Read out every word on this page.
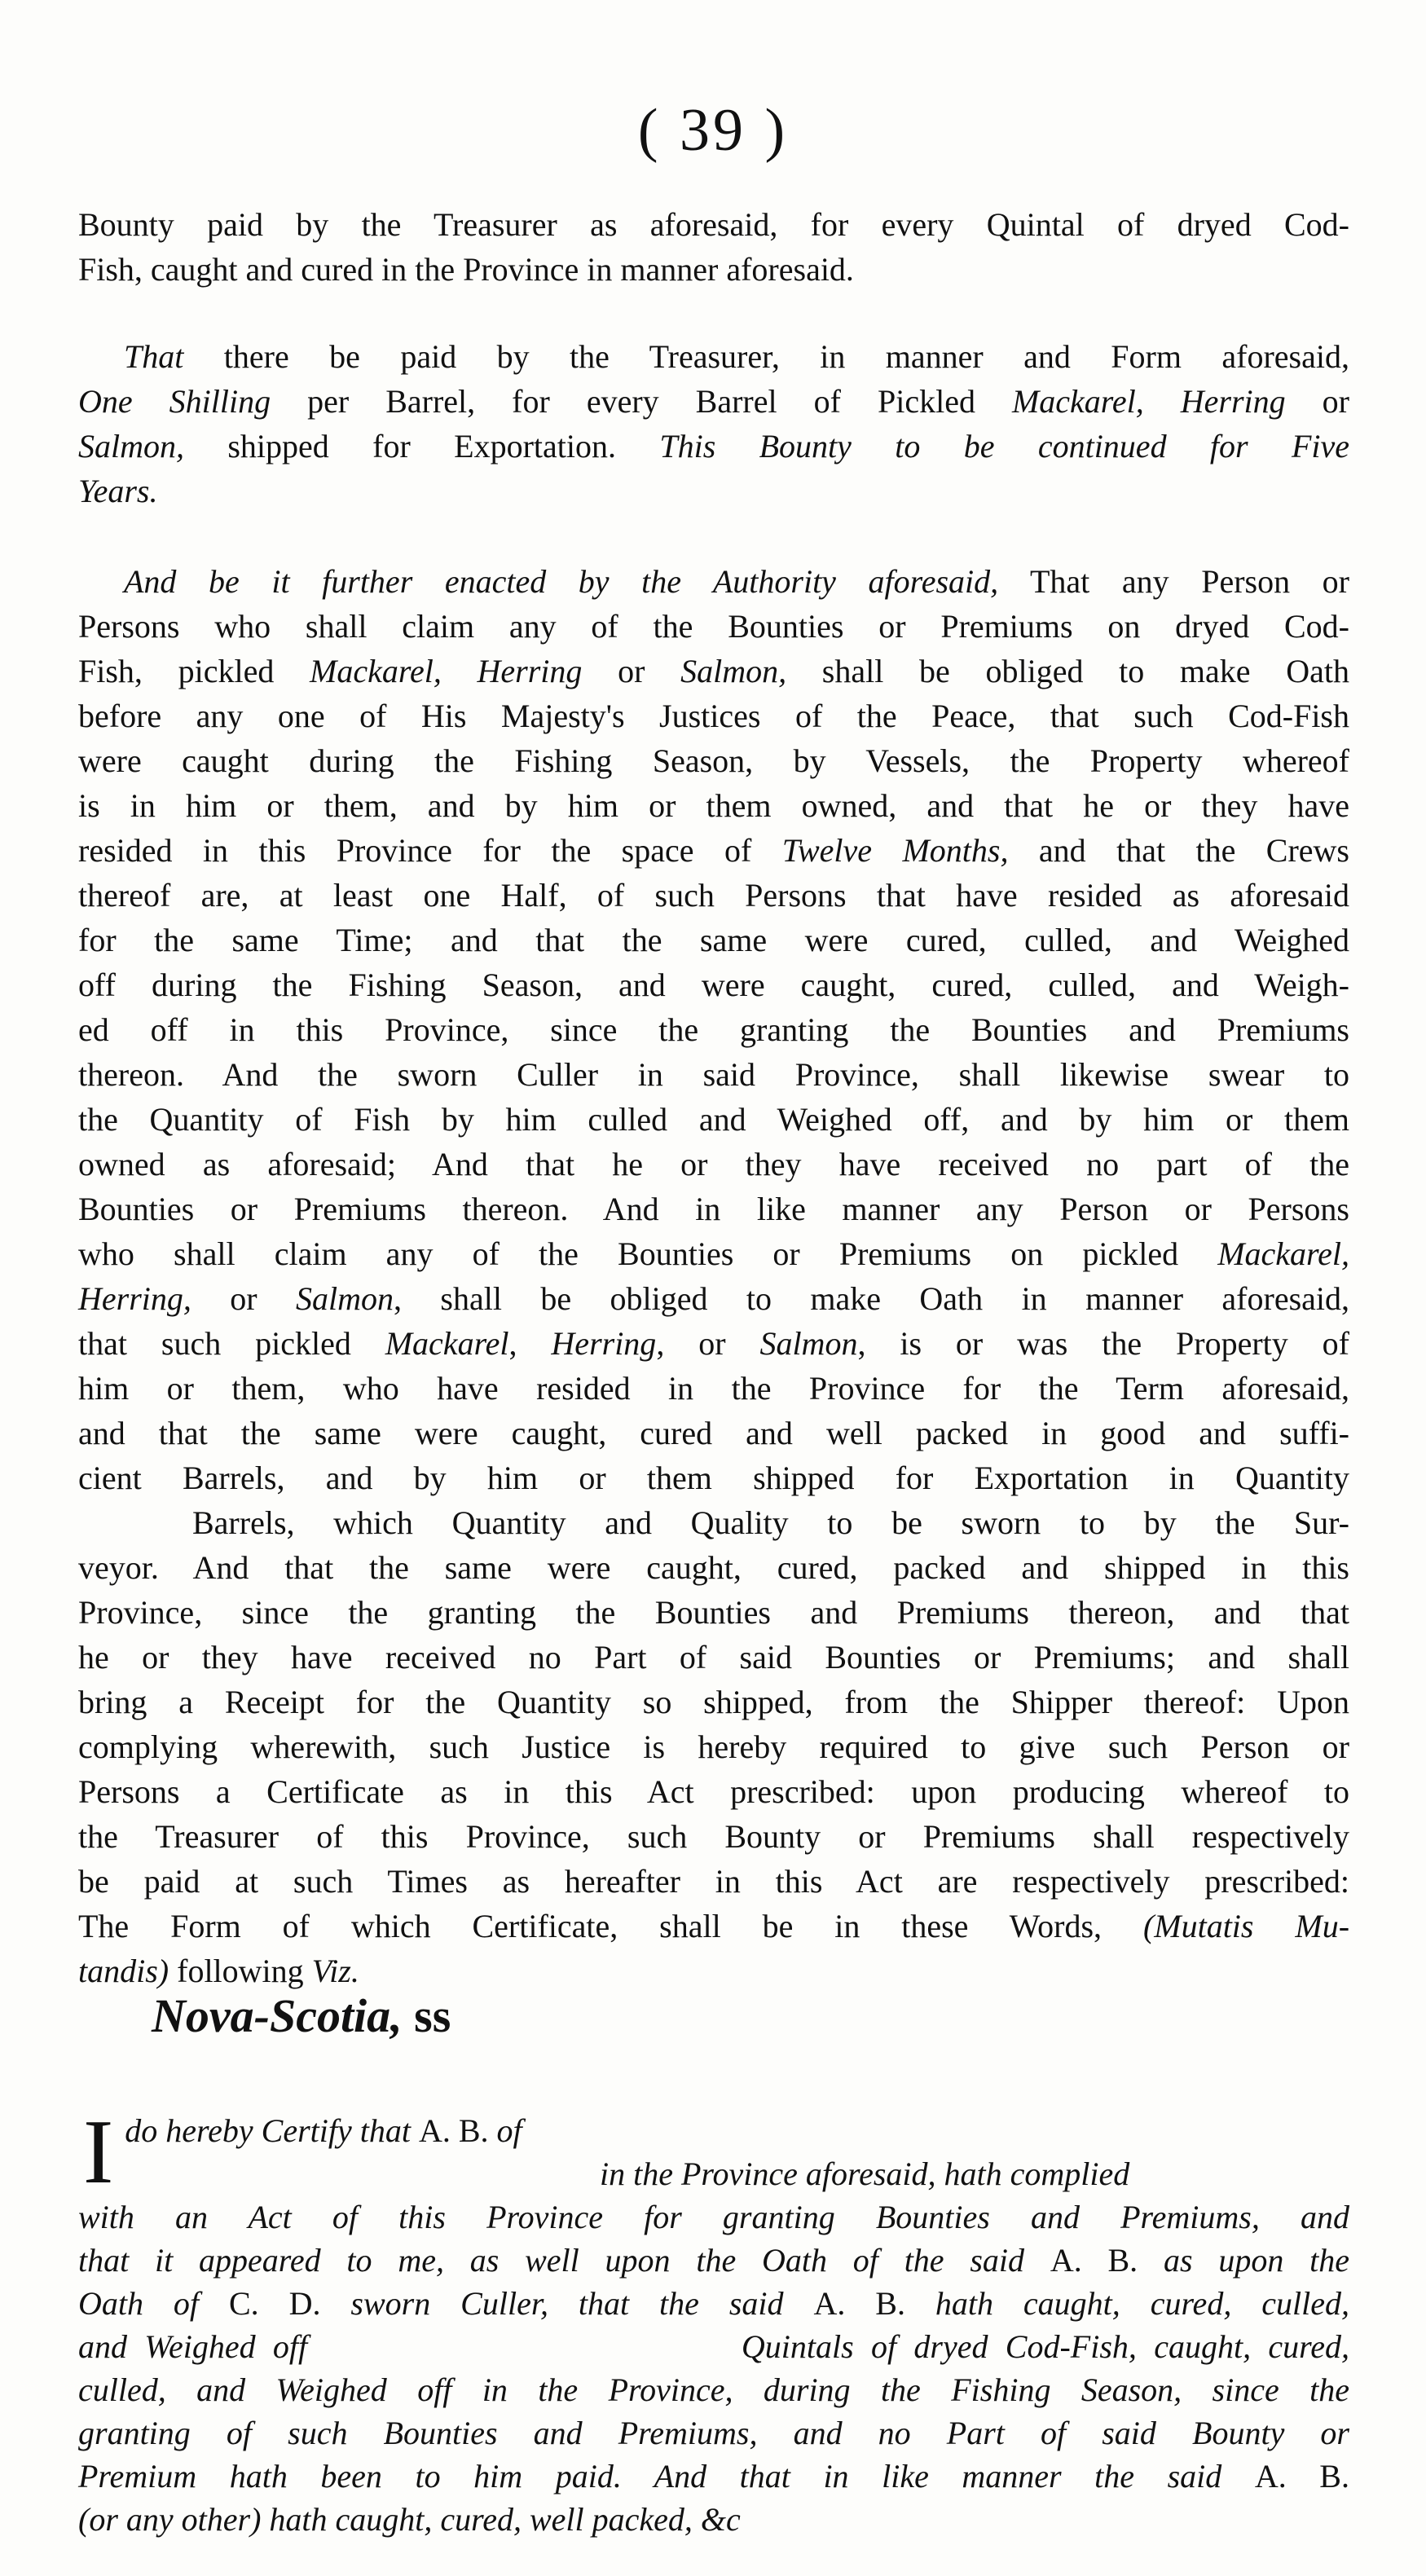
( 39 )
Bounty paid by the Treasurer as aforesaid, for every Quintal of dryed Cod-
Fish, caught and cured in the Province in manner aforesaid.
That there be paid by the Treasurer, in manner and Form aforesaid,
One Shilling per Barrel, for every Barrel of Pickled Mackarel, Herring or
Salmon, shipped for Exportation. This Bounty to be continued for Five
Years.
And be it further enacted by the Authority aforesaid, That any Person or
Persons who shall claim any of the Bounties or Premiums on dryed Cod-
Fish, pickled Mackarel, Herring or Salmon, shall be obliged to make Oath
before any one of His Majesty's Justices of the Peace, that such Cod-Fish
were caught during the Fishing Season, by Vessels, the Property whereof
is in him or them, and by him or them owned, and that he or they have
resided in this Province for the space of Twelve Months, and that the Crews
thereof are, at least one Half, of such Persons that have resided as aforesaid
for the same Time; and that the same were cured, culled, and Weighed
off during the Fishing Season, and were caught, cured, culled, and Weigh-
ed off in this Province, since the granting the Bounties and Premiums
thereon. And the sworn Culler in said Province, shall likewise swear to
the Quantity of Fish by him culled and Weighed off, and by him or them
owned as aforesaid; And that he or they have received no part of the
Bounties or Premiums thereon. And in like manner any Person or Persons
who shall claim any of the Bounties or Premiums on pickled Mackarel,
Herring, or Salmon, shall be obliged to make Oath in manner aforesaid,
that such pickled Mackarel, Herring, or Salmon, is or was the Property of
him or them, who have resided in the Province for the Term aforesaid,
and that the same were caught, cured and well packed in good and suffi-
cient Barrels, and by him or them shipped for Exportation in Quantity
Barrels, which Quantity and Quality to be sworn to by the Sur-
veyor. And that the same were caught, cured, packed and shipped in this
Province, since the granting the Bounties and Premiums thereon, and that
he or they have received no Part of said Bounties or Premiums; and shall
bring a Receipt for the Quantity so shipped, from the Shipper thereof: Upon
complying wherewith, such Justice is hereby required to give such Person or
Persons a Certificate as in this Act prescribed: upon producing whereof to
the Treasurer of this Province, such Bounty or Premiums shall respectively
be paid at such Times as hereafter in this Act are respectively prescribed:
The Form of which Certificate, shall be in these Words, (Mutatis Mu-
tandis) following Viz.
Nova-Scotia, ss
I do hereby Certify that A. B. of
in the Province aforesaid, hath complied
with an Act of this Province for granting Bounties and Premiums, and
that it appeared to me, as well upon the Oath of the said A. B. as upon the
Oath of C. D. sworn Culler, that the said A. B. hath caught, cured, culled,
and Weighed off                         Quintals of dryed Cod-Fish, caught, cured,
culled, and Weighed off in the Province, during the Fishing Season, since the
granting of such Bounties and Premiums, and no Part of said Bounty or
Premium hath been to him paid. And that in like manner the said A. B.
(or any other) hath caught, cured, well packed, &c
